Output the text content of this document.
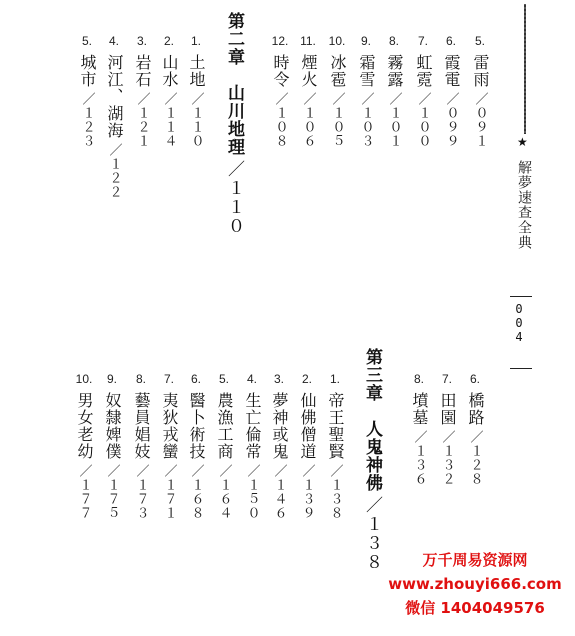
★
解夢速查全典
004
5.
雷雨
／０９１
6.
霞電
／０９９
7.
虹霓
／１００
8.
霧露
／１０１
9.
霜雪
／１０３
10.
冰雹
／１０５
11.
煙火
／１０６
12.
時令
／１０８
第二章　山川地理
／１１０
1.
土地
／１１０
2.
山水
／１１４
3.
岩石
／１２１
4.
河江、湖海
／１２２
5.
城市
／１２３
6.
橋路
／１２８
7.
田園
／１３２
8.
墳墓
／１３６
第三章　人鬼神佛
／１３８
1.
帝王聖賢
／１３８
2.
仙佛僧道
／１３９
3.
夢神或鬼
／１４６
4.
生亡倫常
／１５０
5.
農漁工商
／１６４
6.
醫卜術技
／１６８
7.
夷狄戎蠻
／１７１
8.
藝員娼妓
／１７３
9.
奴隸婢僕
／１７５
10.
男女老幼
／１７７
万千周易资源网
www.zhouyi666.com
微信 1404049576
